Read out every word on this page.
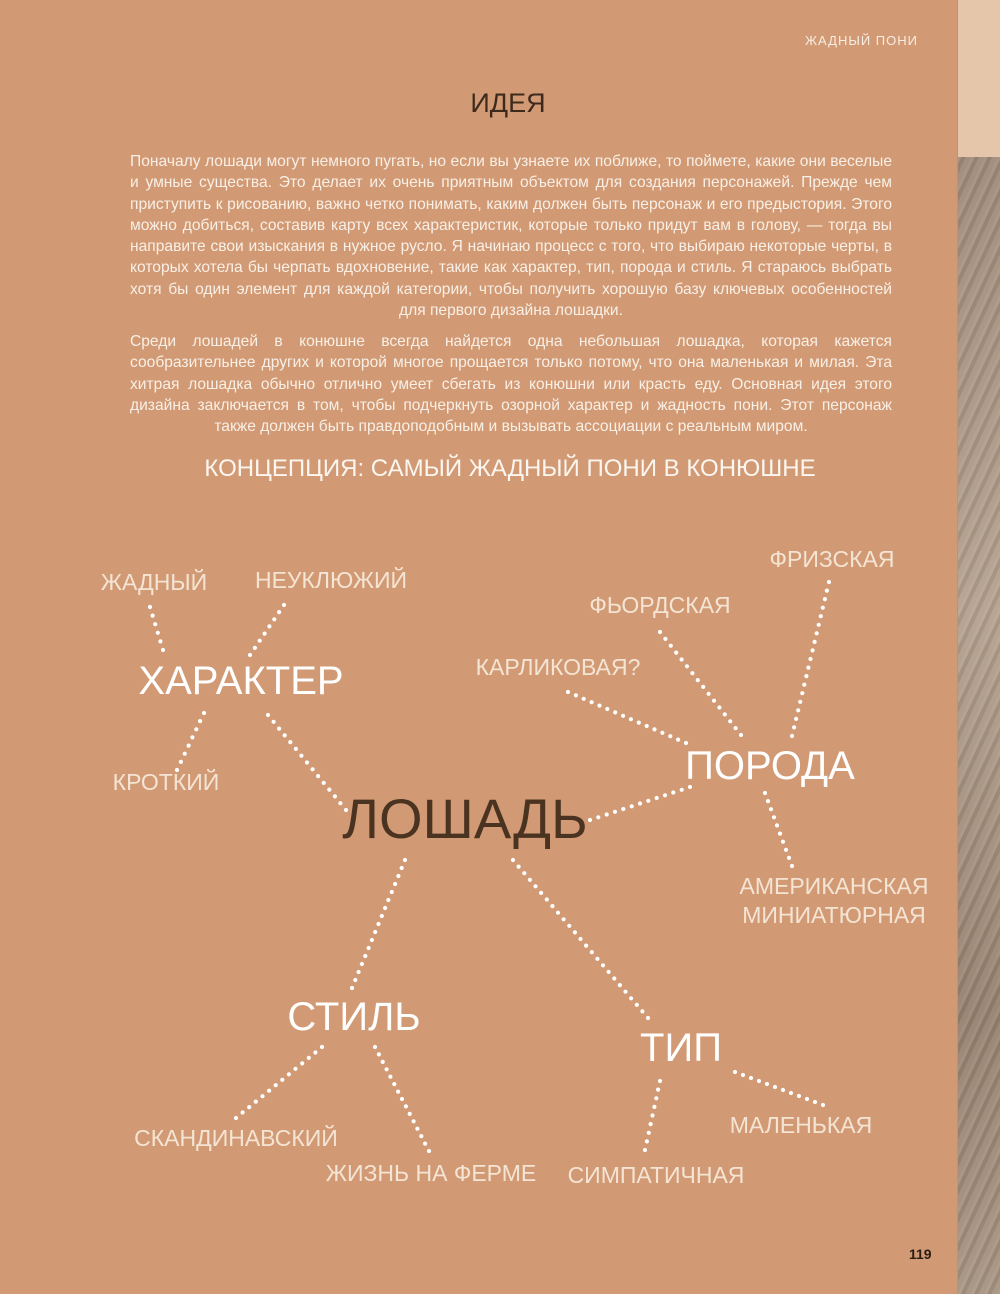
ЖАДНЫЙ ПОНИ
ИДЕЯ

Поначалу лошади могут немного пугать, но если вы узнаете их поближе, то поймете, какие они веселые и умные существа. Это делает их очень приятным объектом для создания персонажей. Прежде чем приступить к рисованию, важно четко понимать, каким должен быть персонаж и его предыстория. Этого можно добиться, составив карту всех характеристик, которые только придут вам в голову, — тогда вы направите свои изыскания в нужное русло. Я начинаю процесс с того, что выбираю некоторые черты, в которых хотела бы черпать вдохновение, такие как характер, тип, порода и стиль. Я стараюсь выбрать хотя бы один элемент для каждой категории, чтобы получить хорошую базу ключевых особенностей для первого дизайна лошадки.

Среди лошадей в конюшне всегда найдется одна небольшая лошадка, которая кажется сообразительнее других и которой многое прощается только потому, что она маленькая и милая. Эта хитрая лошадка обычно отлично умеет сбегать из конюшни или красть еду. Основная идея этого дизайна заключается в том, чтобы подчеркнуть озорной характер и жадность пони. Этот персонаж также должен быть правдоподобным и вызывать ассоциации с реальным миром.

КОНЦЕПЦИЯ: САМЫЙ ЖАДНЫЙ ПОНИ В КОНЮШНЕ
ЛОШАДЬ
ХАРАКТЕР
ПОРОДА
СТИЛЬ
ТИП
ЖАДНЫЙ НЕУКЛЮЖИЙ
КРОТКИЙ
ФРИЗСКАЯ
ФЬОРДСКАЯ
КАРЛИКОВАЯ?
АМЕРИКАНСКАЯ
МИНИАТЮРНАЯ
СКАНДИНАВСКИЙ
ЖИЗНЬ НА ФЕРМЕ
МАЛЕНЬКАЯ
СИМПАТИЧНАЯ
119
